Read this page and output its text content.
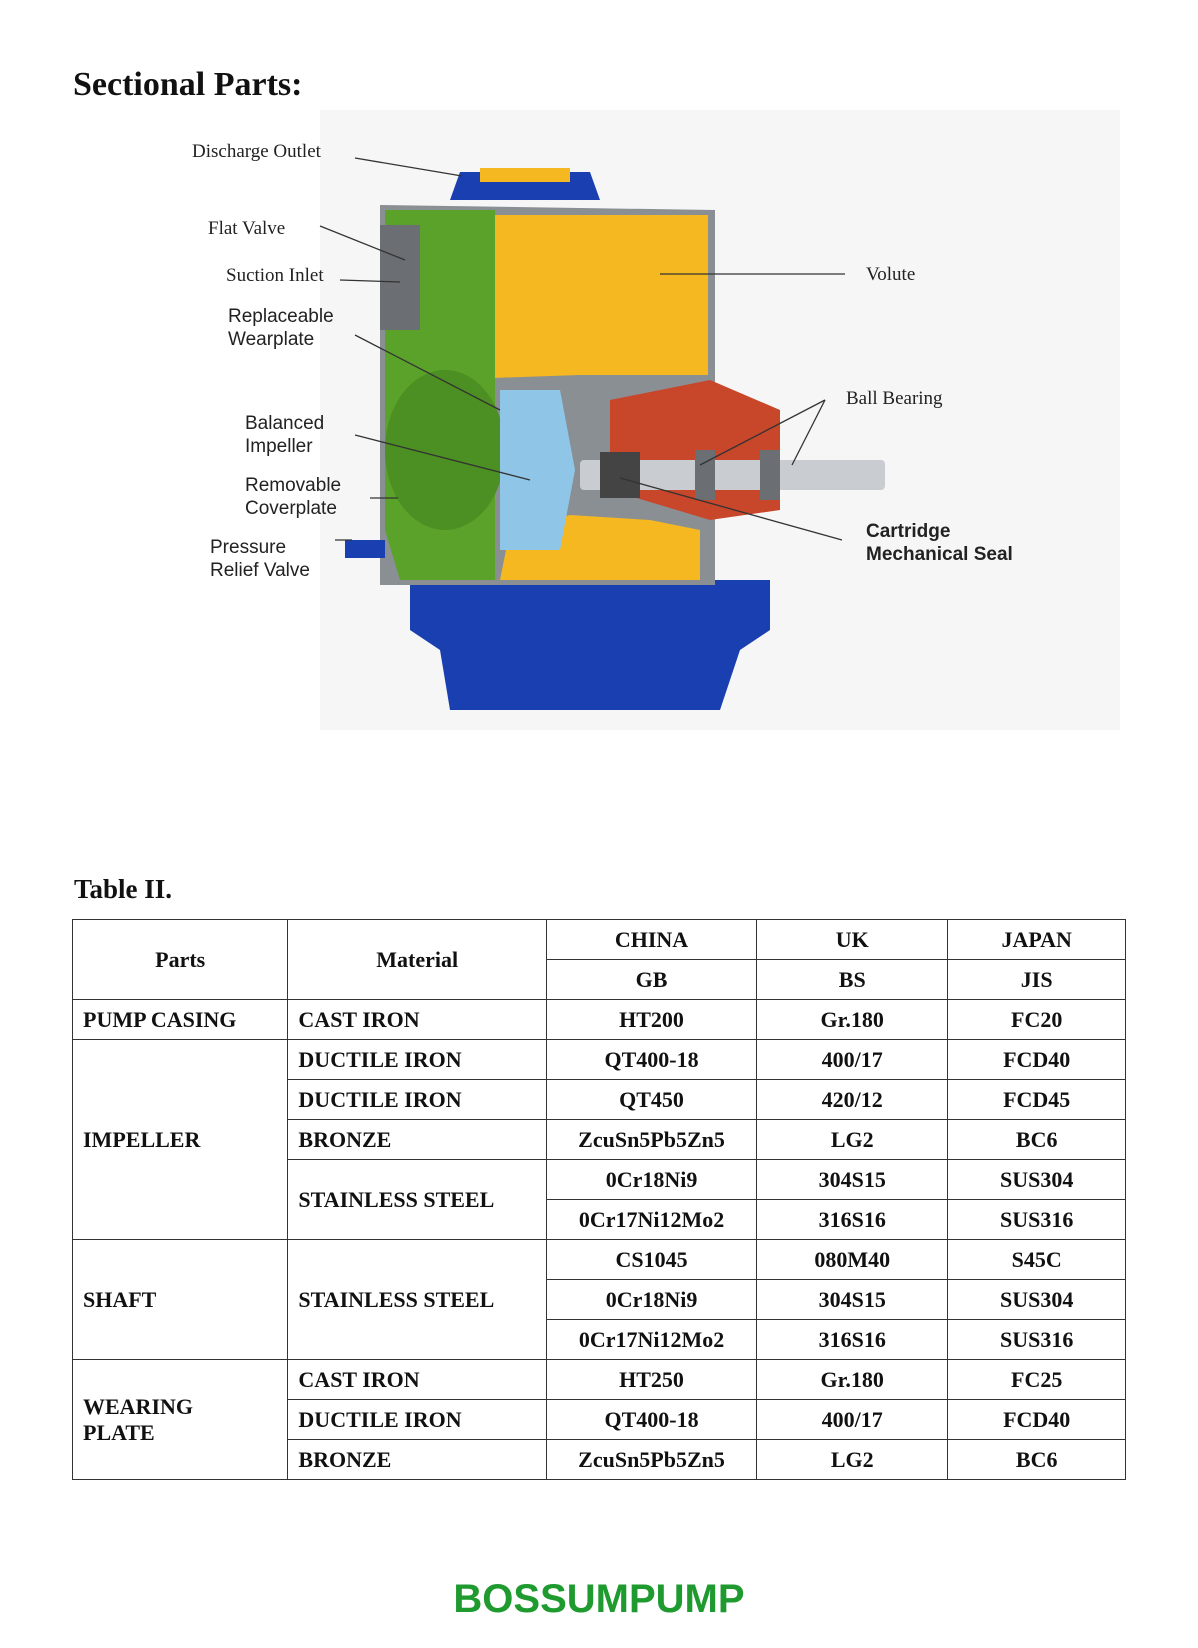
Sectional Parts:
Discharge Outlet
Flat Valve
Suction Inlet
Replaceable
Wearplate
Balanced
Impeller
Removable
Coverplate
Pressure
Relief Valve
Volute
Ball Bearing
Cartridge
Mechanical Seal
Table II.
Parts	Material	CHINA	UK	JAPAN
		GB	BS	JIS
PUMP CASING	CAST IRON	HT200	Gr.180	FC20
IMPELLER	DUCTILE IRON	QT400-18	400/17	FCD40
	DUCTILE IRON	QT450	420/12	FCD45
	BRONZE	ZcuSn5Pb5Zn5	LG2	BC6
	STAINLESS STEEL	0Cr18Ni9	304S15	SUS304
		0Cr17Ni12Mo2	316S16	SUS316
SHAFT	STAINLESS STEEL	CS1045	080M40	S45C
		0Cr18Ni9	304S15	SUS304
		0Cr17Ni12Mo2	316S16	SUS316
WEARING
PLATE	CAST IRON	HT250	Gr.180	FC25
	DUCTILE IRON	QT400-18	400/17	FCD40
	BRONZE	ZcuSn5Pb5Zn5	LG2	BC6
BOSSUMPUMP
